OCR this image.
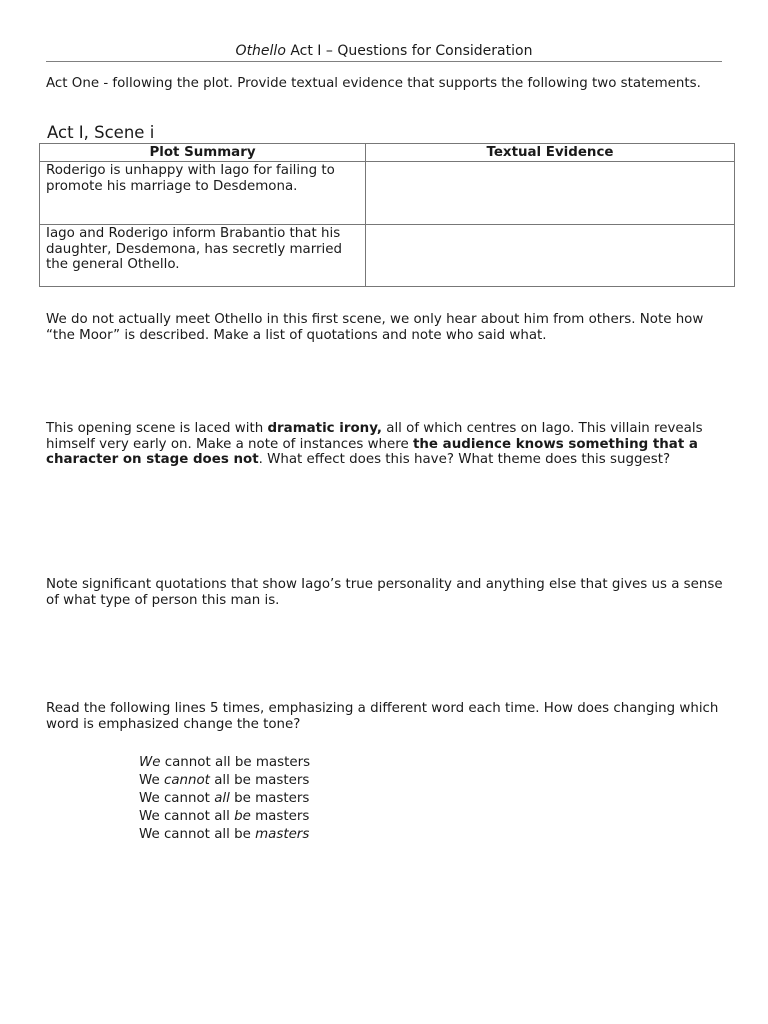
Othello Act I – Questions for Consideration

Act One - following the plot. Provide textual evidence that supports the following two statements.

Act I, Scene i
Plot Summary	Textual Evidence
Roderigo is unhappy with Iago for failing to promote his marriage to Desdemona.	
Iago and Roderigo inform Brabantio that his daughter, Desdemona, has secretly married the general Othello.	

We do not actually meet Othello in this first scene, we only hear about him from others. Note how “the Moor” is described. Make a list of quotations and note who said what.

This opening scene is laced with dramatic irony, all of which centres on Iago. This villain reveals himself very early on. Make a note of instances where the audience knows something that a character on stage does not. What effect does this have? What theme does this suggest?

Note significant quotations that show Iago’s true personality and anything else that gives us a sense of what type of person this man is.

Read the following lines 5 times, emphasizing a different word each time. How does changing which word is emphasized change the tone?

We cannot all be masters
We cannot all be masters
We cannot all be masters
We cannot all be masters
We cannot all be masters
